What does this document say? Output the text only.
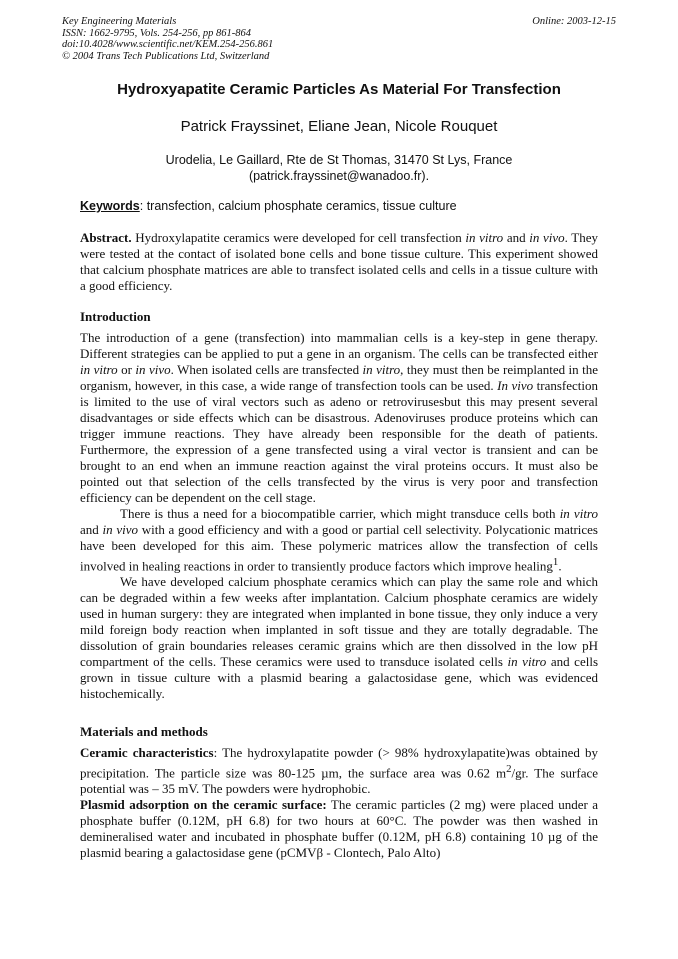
Key Engineering Materials
ISSN: 1662-9795, Vols. 254-256, pp 861-864
doi:10.4028/www.scientific.net/KEM.254-256.861
© 2004 Trans Tech Publications Ltd, Switzerland
Online: 2003-12-15
Hydroxyapatite Ceramic Particles As Material For Transfection
Patrick Frayssinet, Eliane Jean, Nicole Rouquet
Urodelia, Le Gaillard, Rte de St Thomas, 31470 St Lys, France
(patrick.frayssinet@wanadoo.fr).
Keywords: transfection, calcium phosphate ceramics, tissue culture
Abstract. Hydroxylapatite ceramics were developed for cell transfection in vitro and in vivo. They were tested at the contact of isolated bone cells and bone tissue culture. This experiment showed that calcium phosphate matrices are able to transfect isolated cells and cells in a tissue culture with a good efficiency.
Introduction

The introduction of a gene (transfection) into mammalian cells is a key-step in gene therapy. Different strategies can be applied to put a gene in an organism. The cells can be transfected either in vitro or in vivo. When isolated cells are transfected in vitro, they must then be reimplanted in the organism, however, in this case, a wide range of transfection tools can be used. In vivo transfection is limited to the use of viral vectors such as adeno or retrovirusesbut this may present several disadvantages or side effects which can be disastrous. Adenoviruses produce proteins which can trigger immune reactions. They have already been responsible for the death of patients. Furthermore, the expression of a gene transfected using a viral vector is transient and can be brought to an end when an immune reaction against the viral proteins occurs. It must also be pointed out that selection of the cells transfected by the virus is very poor and transfection efficiency can be dependent on the cell stage.

There is thus a need for a biocompatible carrier, which might transduce cells both in vitro and in vivo with a good efficiency and with a good or partial cell selectivity. Polycationic matrices have been developed for this aim. These polymeric matrices allow the transfection of cells involved in healing reactions in order to transiently produce factors which improve healing$^1$.

We have developed calcium phosphate ceramics which can play the same role and which can be degraded within a few weeks after implantation. Calcium phosphate ceramics are widely used in human surgery: they are integrated when implanted in bone tissue, they only induce a very mild foreign body reaction when implanted in soft tissue and they are totally degradable. The dissolution of grain boundaries releases ceramic grains which are then dissolved in the low pH compartment of the cells. These ceramics were used to transduce isolated cells in vitro and cells grown in tissue culture with a plasmid bearing a galactosidase gene, which was evidenced histochemically.

Materials and methods

Ceramic characteristics: The hydroxylapatite powder (> 98% hydroxylapatite)was obtained by precipitation. The particle size was 80-125 µm, the surface area was 0.62 $m^2/gr$. The surface potential was – 35 mV. The powders were hydrophobic.

Plasmid adsorption on the ceramic surface: The ceramic particles (2 mg) were placed under a phosphate buffer (0.12M, pH 6.8) for two hours at 60°C. The powder was then washed in demineralised water and incubated in phosphate buffer (0.12M, pH 6.8) containing 10 µg of the plasmid bearing a galactosidase gene (pCMVβ - Clontech, Palo Alto)
